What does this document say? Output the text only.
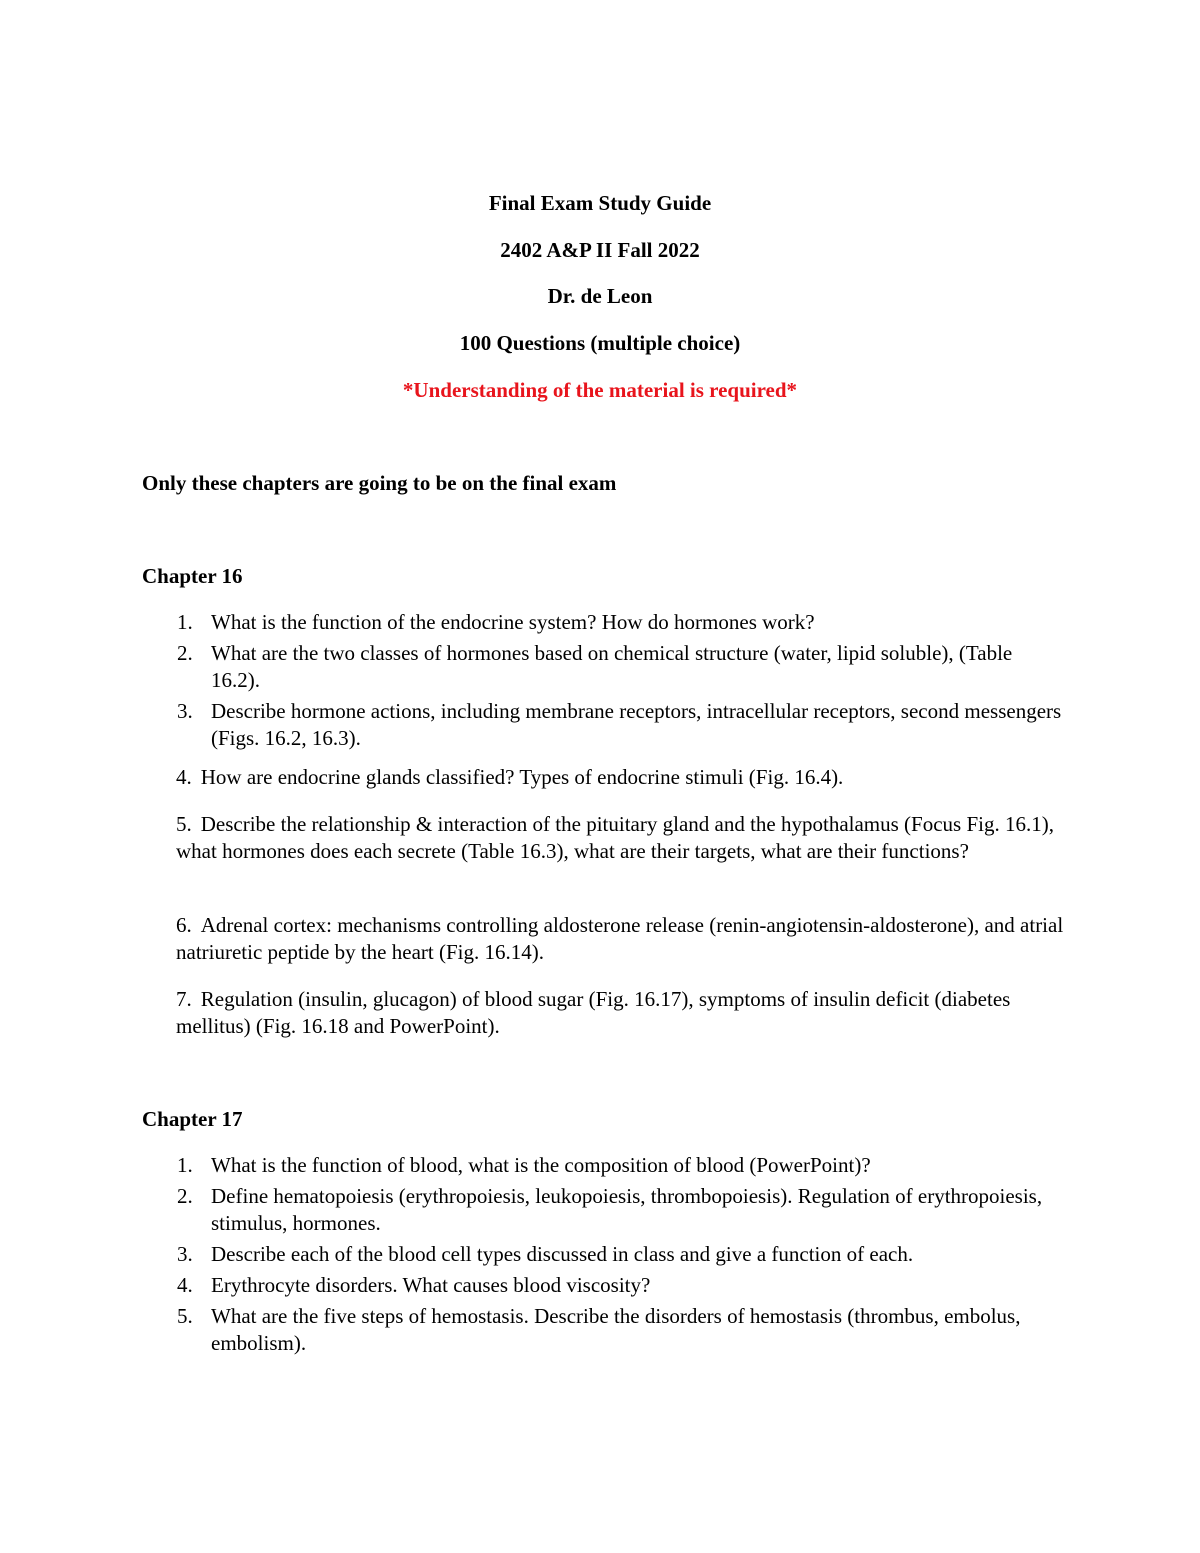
Final Exam Study Guide
2402 A&P II Fall 2022
Dr. de Leon
100 Questions (multiple choice)
*Understanding of the material is required*
Only these chapters are going to be on the final exam
Chapter 16
1. What is the function of the endocrine system? How do hormones work?
2. What are the two classes of hormones based on chemical structure (water, lipid soluble), (Table 16.2).
3. Describe hormone actions, including membrane receptors, intracellular receptors, second messengers (Figs. 16.2, 16.3).

4. How are endocrine glands classified? Types of endocrine stimuli (Fig. 16.4).

5. Describe the relationship & interaction of the pituitary gland and the hypothalamus (Focus Fig. 16.1), what hormones does each secrete (Table 16.3), what are their targets, what are their functions?

6. Adrenal cortex: mechanisms controlling aldosterone release (renin-angiotensin-aldosterone), and atrial natriuretic peptide by the heart (Fig. 16.14).

7. Regulation (insulin, glucagon) of blood sugar (Fig. 16.17), symptoms of insulin deficit (diabetes mellitus) (Fig. 16.18 and PowerPoint).

Chapter 17
1. What is the function of blood, what is the composition of blood (PowerPoint)?
2. Define hematopoiesis (erythropoiesis, leukopoiesis, thrombopoiesis). Regulation of erythropoiesis, stimulus, hormones.
3. Describe each of the blood cell types discussed in class and give a function of each.
4. Erythrocyte disorders. What causes blood viscosity?
5. What are the five steps of hemostasis. Describe the disorders of hemostasis (thrombus, embolus, embolism).
